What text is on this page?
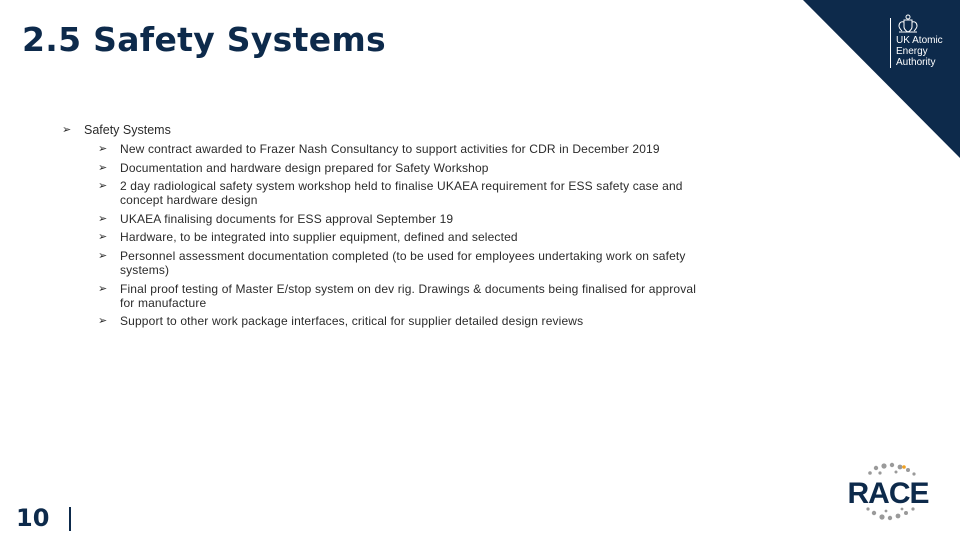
2.5 Safety Systems	UK Atomic
Energy
Authority

➢	Safety Systems

➢	New contract awarded to Frazer Nash Consultancy to support activities for CDR in December 2019
➢	Documentation and hardware design prepared for Safety Workshop
➢	2 day radiological safety system workshop held to finalise UKAEA requirement for ESS safety case and concept hardware design
➢	UKAEA finalising documents for ESS approval September 19
➢	Hardware, to be integrated into supplier equipment, defined and selected
➢	Personnel assessment documentation completed (to be used for employees undertaking work on safety systems)
➢	Final proof testing of Master E/stop system on dev rig. Drawings & documents being finalised for approval for manufacture
➢	Support to other work package interfaces, critical for supplier detailed design reviews

10

RACE
